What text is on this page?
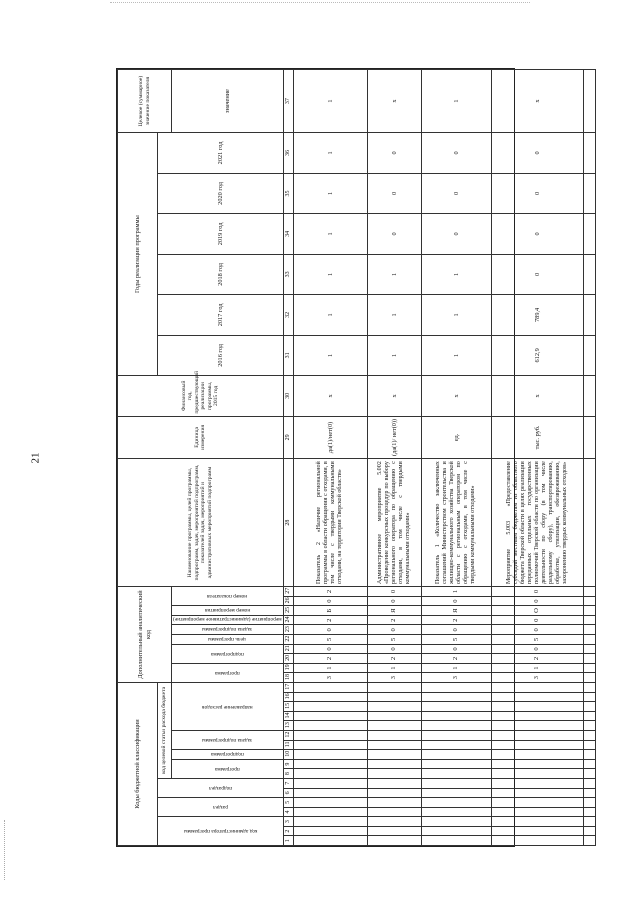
21
Коды бюджетной классификации																	Дополнительный аналитический код										Наименование программы, целей программы, подпрограмм, задач, мероприятий подпрограмм, показателей задач, мероприятий и административных мероприятий подпрограмм	Единица измерения	Финансовый год, предшествующий реализации программы, 2015 год	Годы реализации программы						Целевое (суммарное) значение показателя

код администратора программы			раздел		подраздел		код целевой статьи расхода бюджета																							2016 год	2017 год	2018 год	2019 год	2020 год	2021 год	

							программа		подпрограмма	задача подпрограммы		направление расходов					программа		подпрограмма		цель программы	задача подпрограммы	мероприятие (административное мероприятие)	номер мероприятия	номер показателя											значение
1	2	3	4	5	6	7	8	9	10	11	12	13	14	15	16	17	18	19	20	21	22	23	24	25	26	27	28	29	30	31	32	33	34	35	36	37
																	3	1	2	0	5	0	2	Б	0	2	Показатель 2 «Наличие региональной программы в области обращения с отходами, в том числе с твердыми коммунальными отходами, на территории Тверской области»	да(1)/нет(0)	х	1	1	1	1	1	1	1
																	3	1	2	0	5	0	2	Я	0	0	Административное мероприятие 5.002 «Проведение конкурсных процедур по выбору регионального оператора по обращению с отходами, в том числе с твердыми коммунальными отходами»	(да(1)/ нет(0))	х	1	1	1	0	0	0	х
																	3	1	2	0	5	0	2	Я	0	1	Показатель 1 «Количество заключенных соглашений Министерством строительства и жилищно-коммунального хозяйства Тверской области с региональным оператором по обращению с отходами, в том числе с твердыми коммунальными отходами»	ед.	х	1	1	1	0	0	0	1
																	3	1	2	0	5	0	0	О	0	0	Мероприятие 5.003 «Предоставление субсидий местным бюджетам из областного бюджета Тверской области в целях реализации переданных отдельных государственных полномочий Тверской области по организации деятельности по сбору (в том числе раздельному сбору), транспортированию, обработке, утилизации, обезвреживанию, захоронению твердых коммунальных отходов»	тыс. руб.	х	612,9	789,4	0	0	0	0	х
